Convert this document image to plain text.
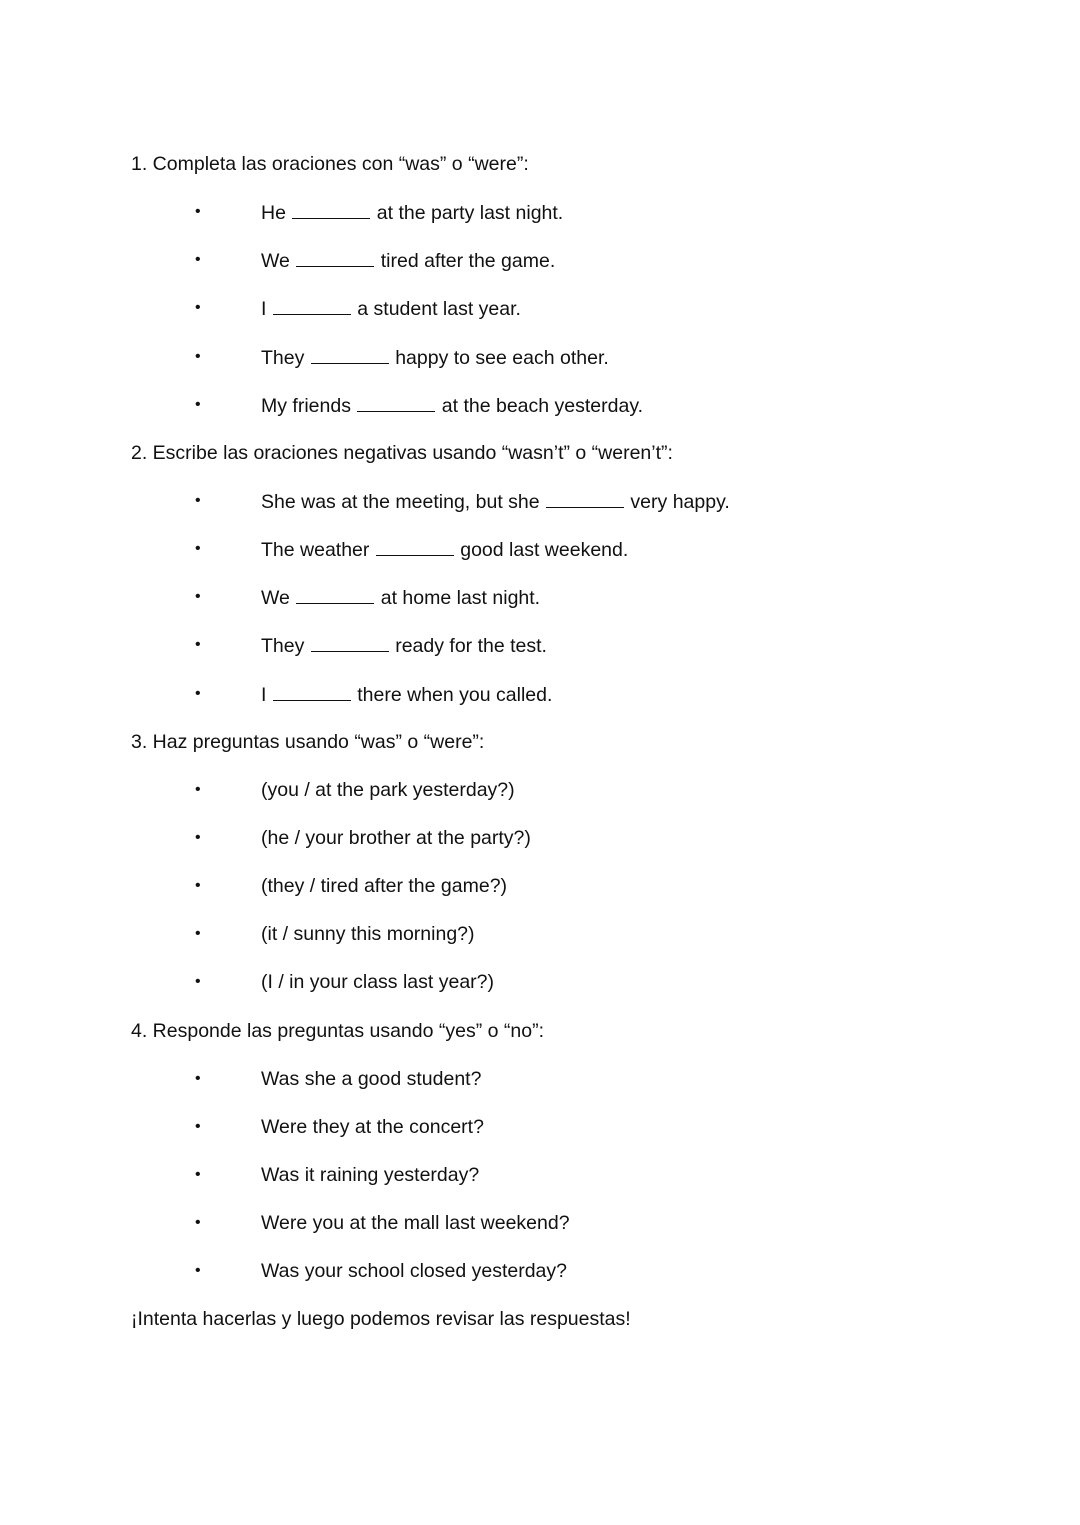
1. Completa las oraciones con “was” o “were”:
•	He	at the party last night.
•	We	tired after the game.
•	I	a student last year.
•	They	happy to see each other.
•	My friends	at the beach yesterday.
2. Escribe las oraciones negativas usando “wasn’t” o “weren’t”:
•	She was at the meeting, but she	very happy.
•	The weather	good last weekend.
•	We	at home last night.
•	They	ready for the test.
•	I	there when you called.
3. Haz preguntas usando “was” o “were”:
•	(you / at the park yesterday?)
•	(he / your brother at the party?)
•	(they / tired after the game?)
•	(it / sunny this morning?)
•	(I / in your class last year?)
4. Responde las preguntas usando “yes” o “no”:
•	Was she a good student?
•	Were they at the concert?
•	Was it raining yesterday?
•	Were you at the mall last weekend?
•	Was your school closed yesterday?
¡Intenta hacerlas y luego podemos revisar las respuestas!
